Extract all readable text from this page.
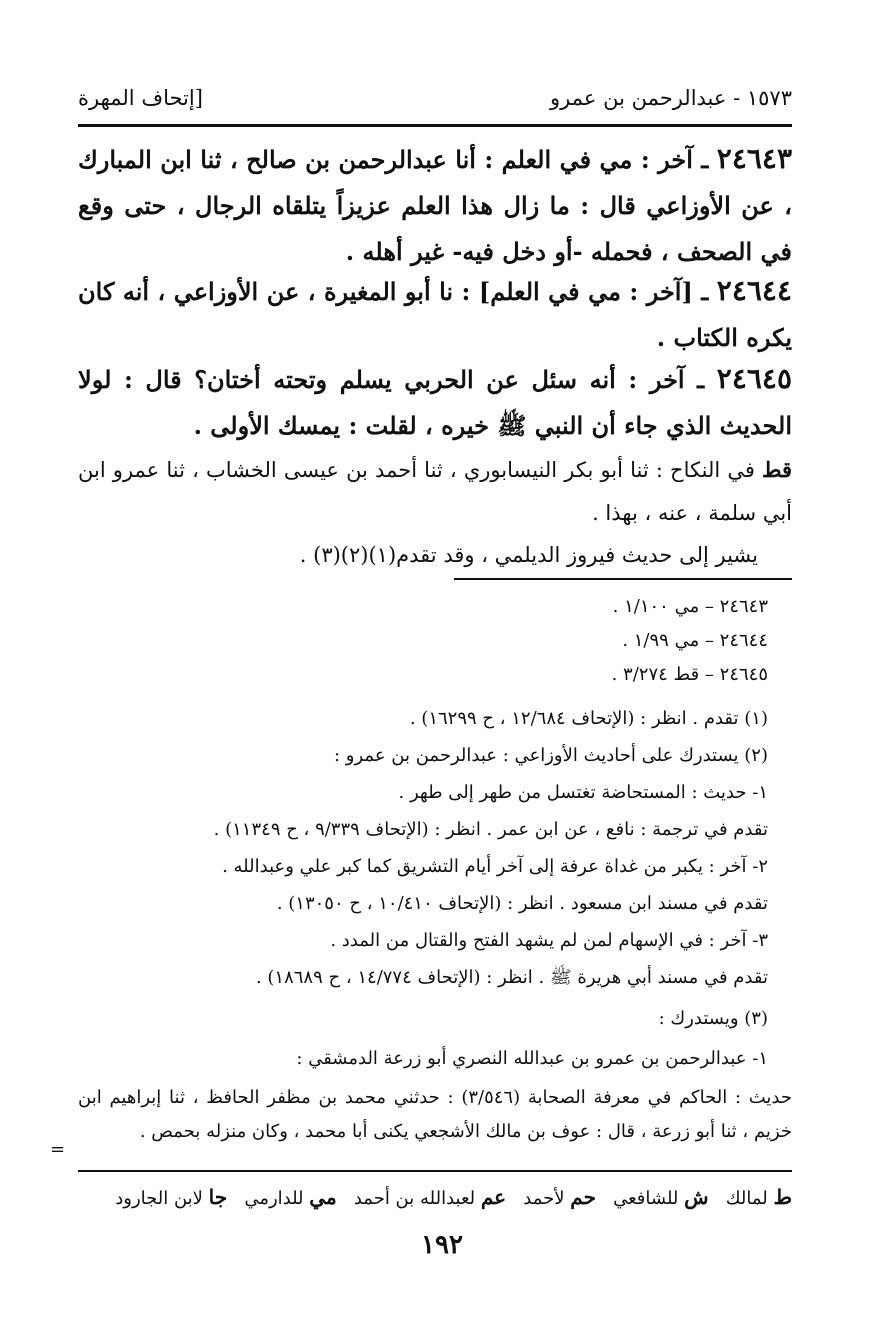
١٥٧٣ - عبدالرحمن بن عمرو
[إتحاف المهرة
٢٤٦٤٣ ـ آخر : مي في العلم : أنا عبدالرحمن بن صالح ، ثنا ابن المبارك ، عن الأوزاعي قال : ما زال هذا العلم عزيزاً يتلقاه الرجال ، حتى وقع في الصحف ، فحمله -أو دخل فيه- غير أهله .
٢٤٦٤٤ ـ [آخر : مي في العلم] : نا أبو المغيرة ، عن الأوزاعي ، أنه كان يكره الكتاب .
٢٤٦٤٥ ـ آخر : أنه سئل عن الحربي يسلم وتحته أختان؟ قال : لولا الحديث الذي جاء أن النبي ﷺ خيره ، لقلت : يمسك الأولى .
قط في النكاح : ثنا أبو بكر النيسابوري ، ثنا أحمد بن عيسى الخشاب ، ثنا عمرو ابن أبي سلمة ، عنه ، بهذا .
يشير إلى حديث فيروز الديلمي ، وقد تقدم(١)(٢)(٣) .
٢٤٦٤٣ – مي ١/١٠٠ .
٢٤٦٤٤ – مي ١/٩٩ .
٢٤٦٤٥ – قط ٣/٢٧٤ .
(١) تقدم . انظر : (الإتحاف ١٢/٦٨٤ ، ح ١٦٢٩٩) .
(٢) يستدرك على أحاديث الأوزاعي : عبدالرحمن بن عمرو :
١- حديث : المستحاضة تغتسل من طهر إلى طهر .
تقدم في ترجمة : نافع ، عن ابن عمر . انظر : (الإتحاف ٩/٣٣٩ ، ح ١١٣٤٩) .
٢- آخر : يكبر من غداة عرفة إلى آخر أيام التشريق كما كبر علي وعبدالله .
تقدم في مسند ابن مسعود . انظر : (الإتحاف ١٠/٤١٠ ، ح ١٣٠٥٠) .
٣- آخر : في الإسهام لمن لم يشهد الفتح والقتال من المدد .
تقدم في مسند أبي هريرة ﷺ . انظر : (الإتحاف ١٤/٧٧٤ ، ح ١٨٦٨٩) .
(٣) ويستدرك :
١- عبدالرحمن بن عمرو بن عبدالله النصري أبو زرعة الدمشقي :
حديث : الحاكم في معرفة الصحابة (٣/٥٤٦) : حدثني محمد بن مظفر الحافظ ، ثنا إبراهيم ابن خزيم ، ثنا أبو زرعة ، قال : عوف بن مالك الأشجعي يكنى أبا محمد ، وكان منزله بحمص .
=
ط لمالك   ش للشافعي   حم لأحمد   عم لعبدالله بن أحمد   مي للدارمي   جا لابن الجارود
١٩٢
